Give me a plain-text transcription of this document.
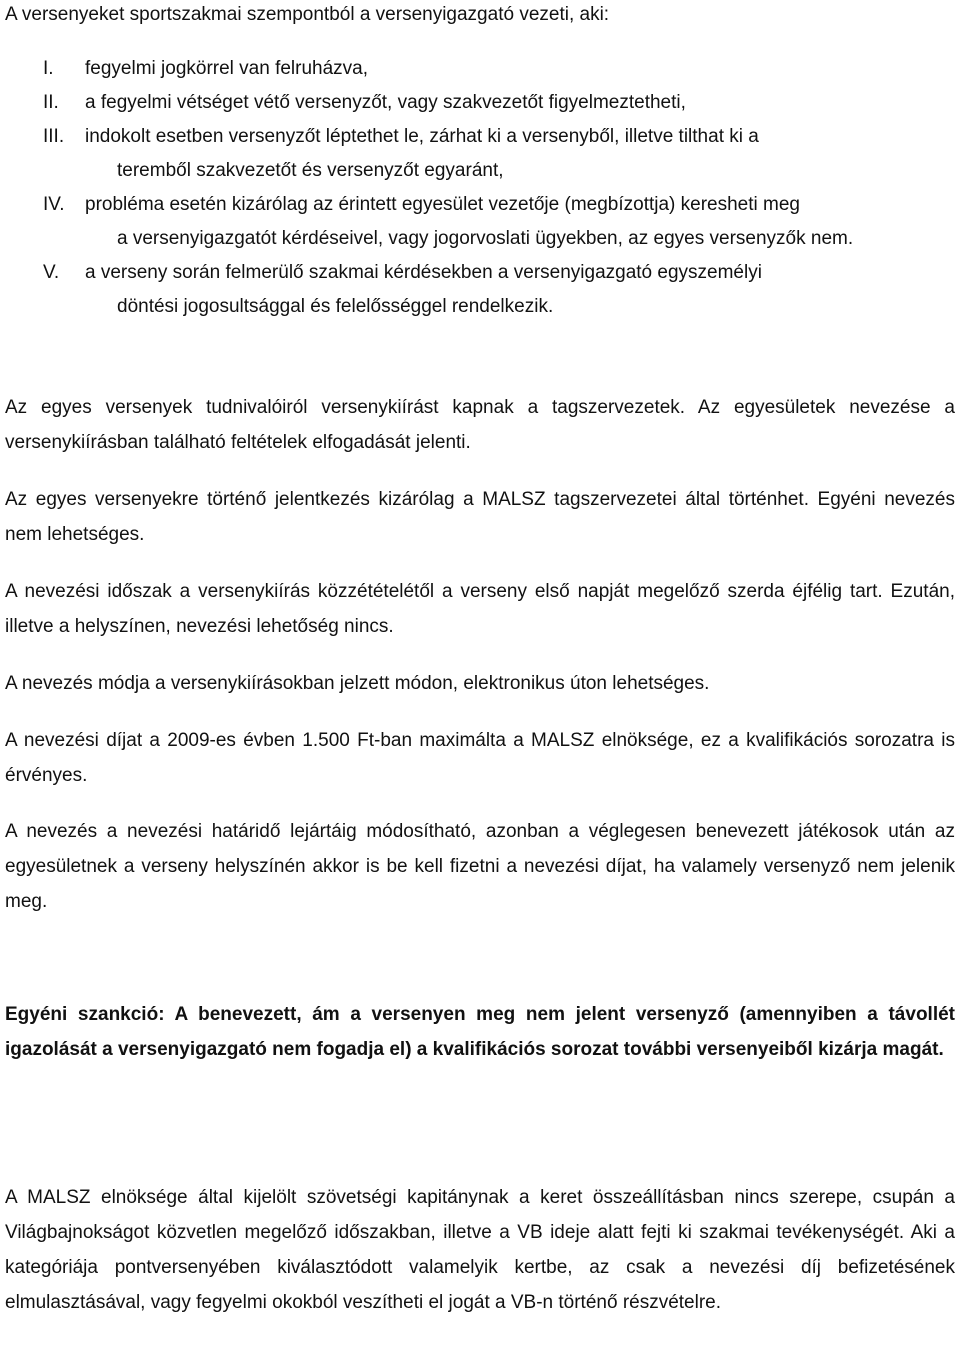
A versenyeket sportszakmai szempontból a versenyigazgató vezeti, aki:

I.	fegyelmi jogkörrel van felruházva,
II.	a fegyelmi vétséget vétő versenyzőt, vagy szakvezetőt figyelmeztetheti,
III.	indokolt esetben versenyzőt léptethet le, zárhat ki a versenyből, illetve tilthat ki a
teremből szakvezetőt és versenyzőt egyaránt,
IV.	probléma esetén kizárólag az érintett egyesület vezetője (megbízottja) keresheti meg
a versenyigazgatót kérdéseivel, vagy jogorvoslati ügyekben, az egyes versenyzők nem.
V.	a verseny során felmerülő szakmai kérdésekben a versenyigazgató egyszemélyi
döntési jogosultsággal és felelősséggel rendelkezik.

Az egyes versenyek tudnivalóiról versenykiírást kapnak a tagszervezetek. Az egyesületek nevezése a versenykiírásban található feltételek elfogadását jelenti.

Az egyes versenyekre történő jelentkezés kizárólag a MALSZ tagszervezetei által történhet. Egyéni nevezés nem lehetséges.

A nevezési időszak a versenykiírás közzétételétől a verseny első napját megelőző szerda éjfélig tart. Ezután, illetve a helyszínen, nevezési lehetőség nincs.

A nevezés módja a versenykiírásokban jelzett módon, elektronikus úton lehetséges.

A nevezési díjat a 2009-es évben 1.500 Ft-ban maximálta a MALSZ elnöksége, ez a kvalifikációs sorozatra is érvényes.

A nevezés a nevezési határidő lejártáig módosítható, azonban a véglegesen benevezett játékosok után az egyesületnek a verseny helyszínén akkor is be kell fizetni a nevezési díjat, ha valamely versenyző nem jelenik meg.

Egyéni szankció: A benevezett, ám a versenyen meg nem jelent versenyző (amennyiben a távollét igazolását a versenyigazgató nem fogadja el) a kvalifikációs sorozat további versenyeiből kizárja magát.

A MALSZ elnöksége által kijelölt szövetségi kapitánynak a keret összeállításban nincs szerepe, csupán a Világbajnokságot közvetlen megelőző időszakban, illetve a VB ideje alatt fejti ki szakmai tevékenységét. Aki a kategóriája pontversenyében kiválasztódott valamelyik kertbe, az csak a nevezési díj befizetésének elmulasztásával, vagy fegyelmi okokból veszítheti el jogát a VB-n történő részvételre.
